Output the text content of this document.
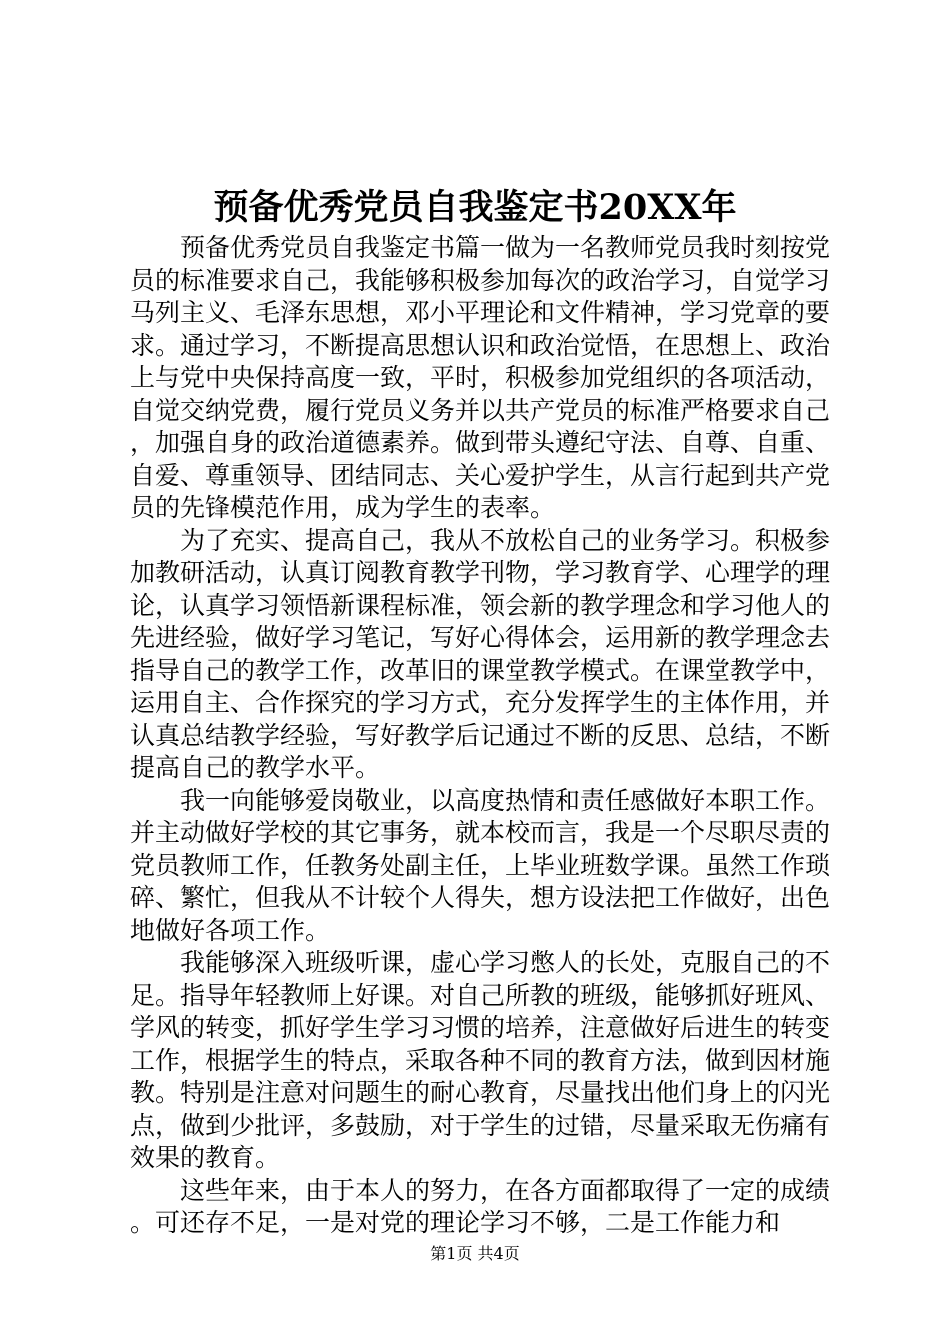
预备优秀党员自我鉴定书20XX年

预备优秀党员自我鉴定书篇一做为一名教师党员我时刻按党员的标准要求自己，我能够积极参加每次的政治学习，自觉学习马列主义、毛泽东思想，邓小平理论和文件精神，学习党章的要求。通过学习，不断提高思想认识和政治觉悟，在思想上、政治上与党中央保持高度一致，平时，积极参加党组织的各项活动，自觉交纳党费，履行党员义务并以共产党员的标准严格要求自己，加强自身的政治道德素养。做到带头遵纪守法、自尊、自重、自爱、尊重领导、团结同志、关心爱护学生，从言行起到共产党员的先锋模范作用，成为学生的表率。

为了充实、提高自己，我从不放松自己的业务学习。积极参加教研活动，认真订阅教育教学刊物，学习教育学、心理学的理论，认真学习领悟新课程标准，领会新的教学理念和学习他人的先进经验，做好学习笔记，写好心得体会，运用新的教学理念去指导自己的教学工作，改革旧的课堂教学模式。在课堂教学中，运用自主、合作探究的学习方式，充分发挥学生的主体作用，并认真总结教学经验，写好教学后记通过不断的反思、总结，不断提高自己的教学水平。

我一向能够爱岗敬业，以高度热情和责任感做好本职工作。并主动做好学校的其它事务，就本校而言，我是一个尽职尽责的党员教师工作，任教务处副主任，上毕业班数学课。虽然工作琐碎、繁忙，但我从不计较个人得失，想方设法把工作做好，出色地做好各项工作。

我能够深入班级听课，虚心学习憋人的长处，克服自己的不足。指导年轻教师上好课。对自己所教的班级，能够抓好班风、学风的转变，抓好学生学习习惯的培养，注意做好后进生的转变工作，根据学生的特点，采取各种不同的教育方法，做到因材施教。特别是注意对问题生的耐心教育，尽量找出他们身上的闪光点，做到少批评，多鼓励，对于学生的过错，尽量采取无伤痛有效果的教育。

这些年来，由于本人的努力，在各方面都取得了一定的成绩。可还存不足，一是对党的理论学习不够，二是工作能力和

第1页 共4页
